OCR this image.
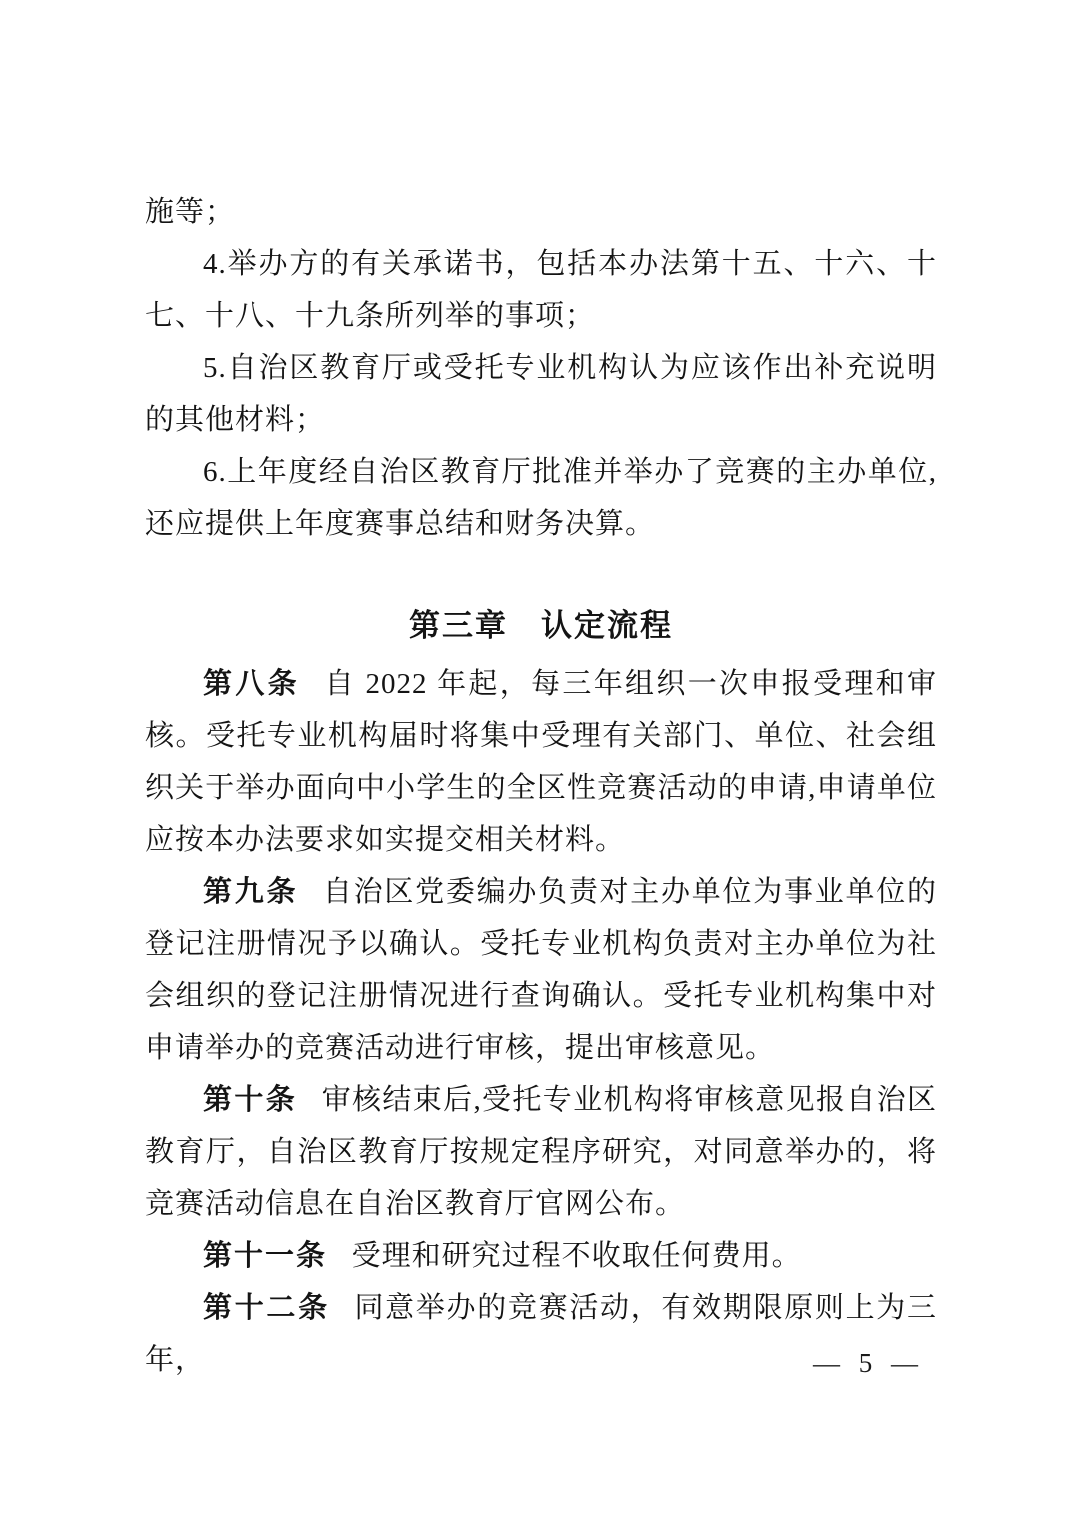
施等；

4.举办方的有关承诺书，包括本办法第十五、十六、十七、十八、十九条所列举的事项；

5.自治区教育厅或受托专业机构认为应该作出补充说明的其他材料；

6.上年度经自治区教育厅批准并举办了竞赛的主办单位,还应提供上年度赛事总结和财务决算。

第三章　认定流程

第八条 自 2022 年起，每三年组织一次申报受理和审核。受托专业机构届时将集中受理有关部门、单位、社会组织关于举办面向中小学生的全区性竞赛活动的申请,申请单位应按本办法要求如实提交相关材料。

第九条 自治区党委编办负责对主办单位为事业单位的登记注册情况予以确认。受托专业机构负责对主办单位为社会组织的登记注册情况进行查询确认。受托专业机构集中对申请举办的竞赛活动进行审核，提出审核意见。

第十条 审核结束后,受托专业机构将审核意见报自治区教育厅，自治区教育厅按规定程序研究，对同意举办的，将竞赛活动信息在自治区教育厅官网公布。

第十一条 受理和研究过程不收取任何费用。

第十二条 同意举办的竞赛活动，有效期限原则上为三年，	— 5 —
